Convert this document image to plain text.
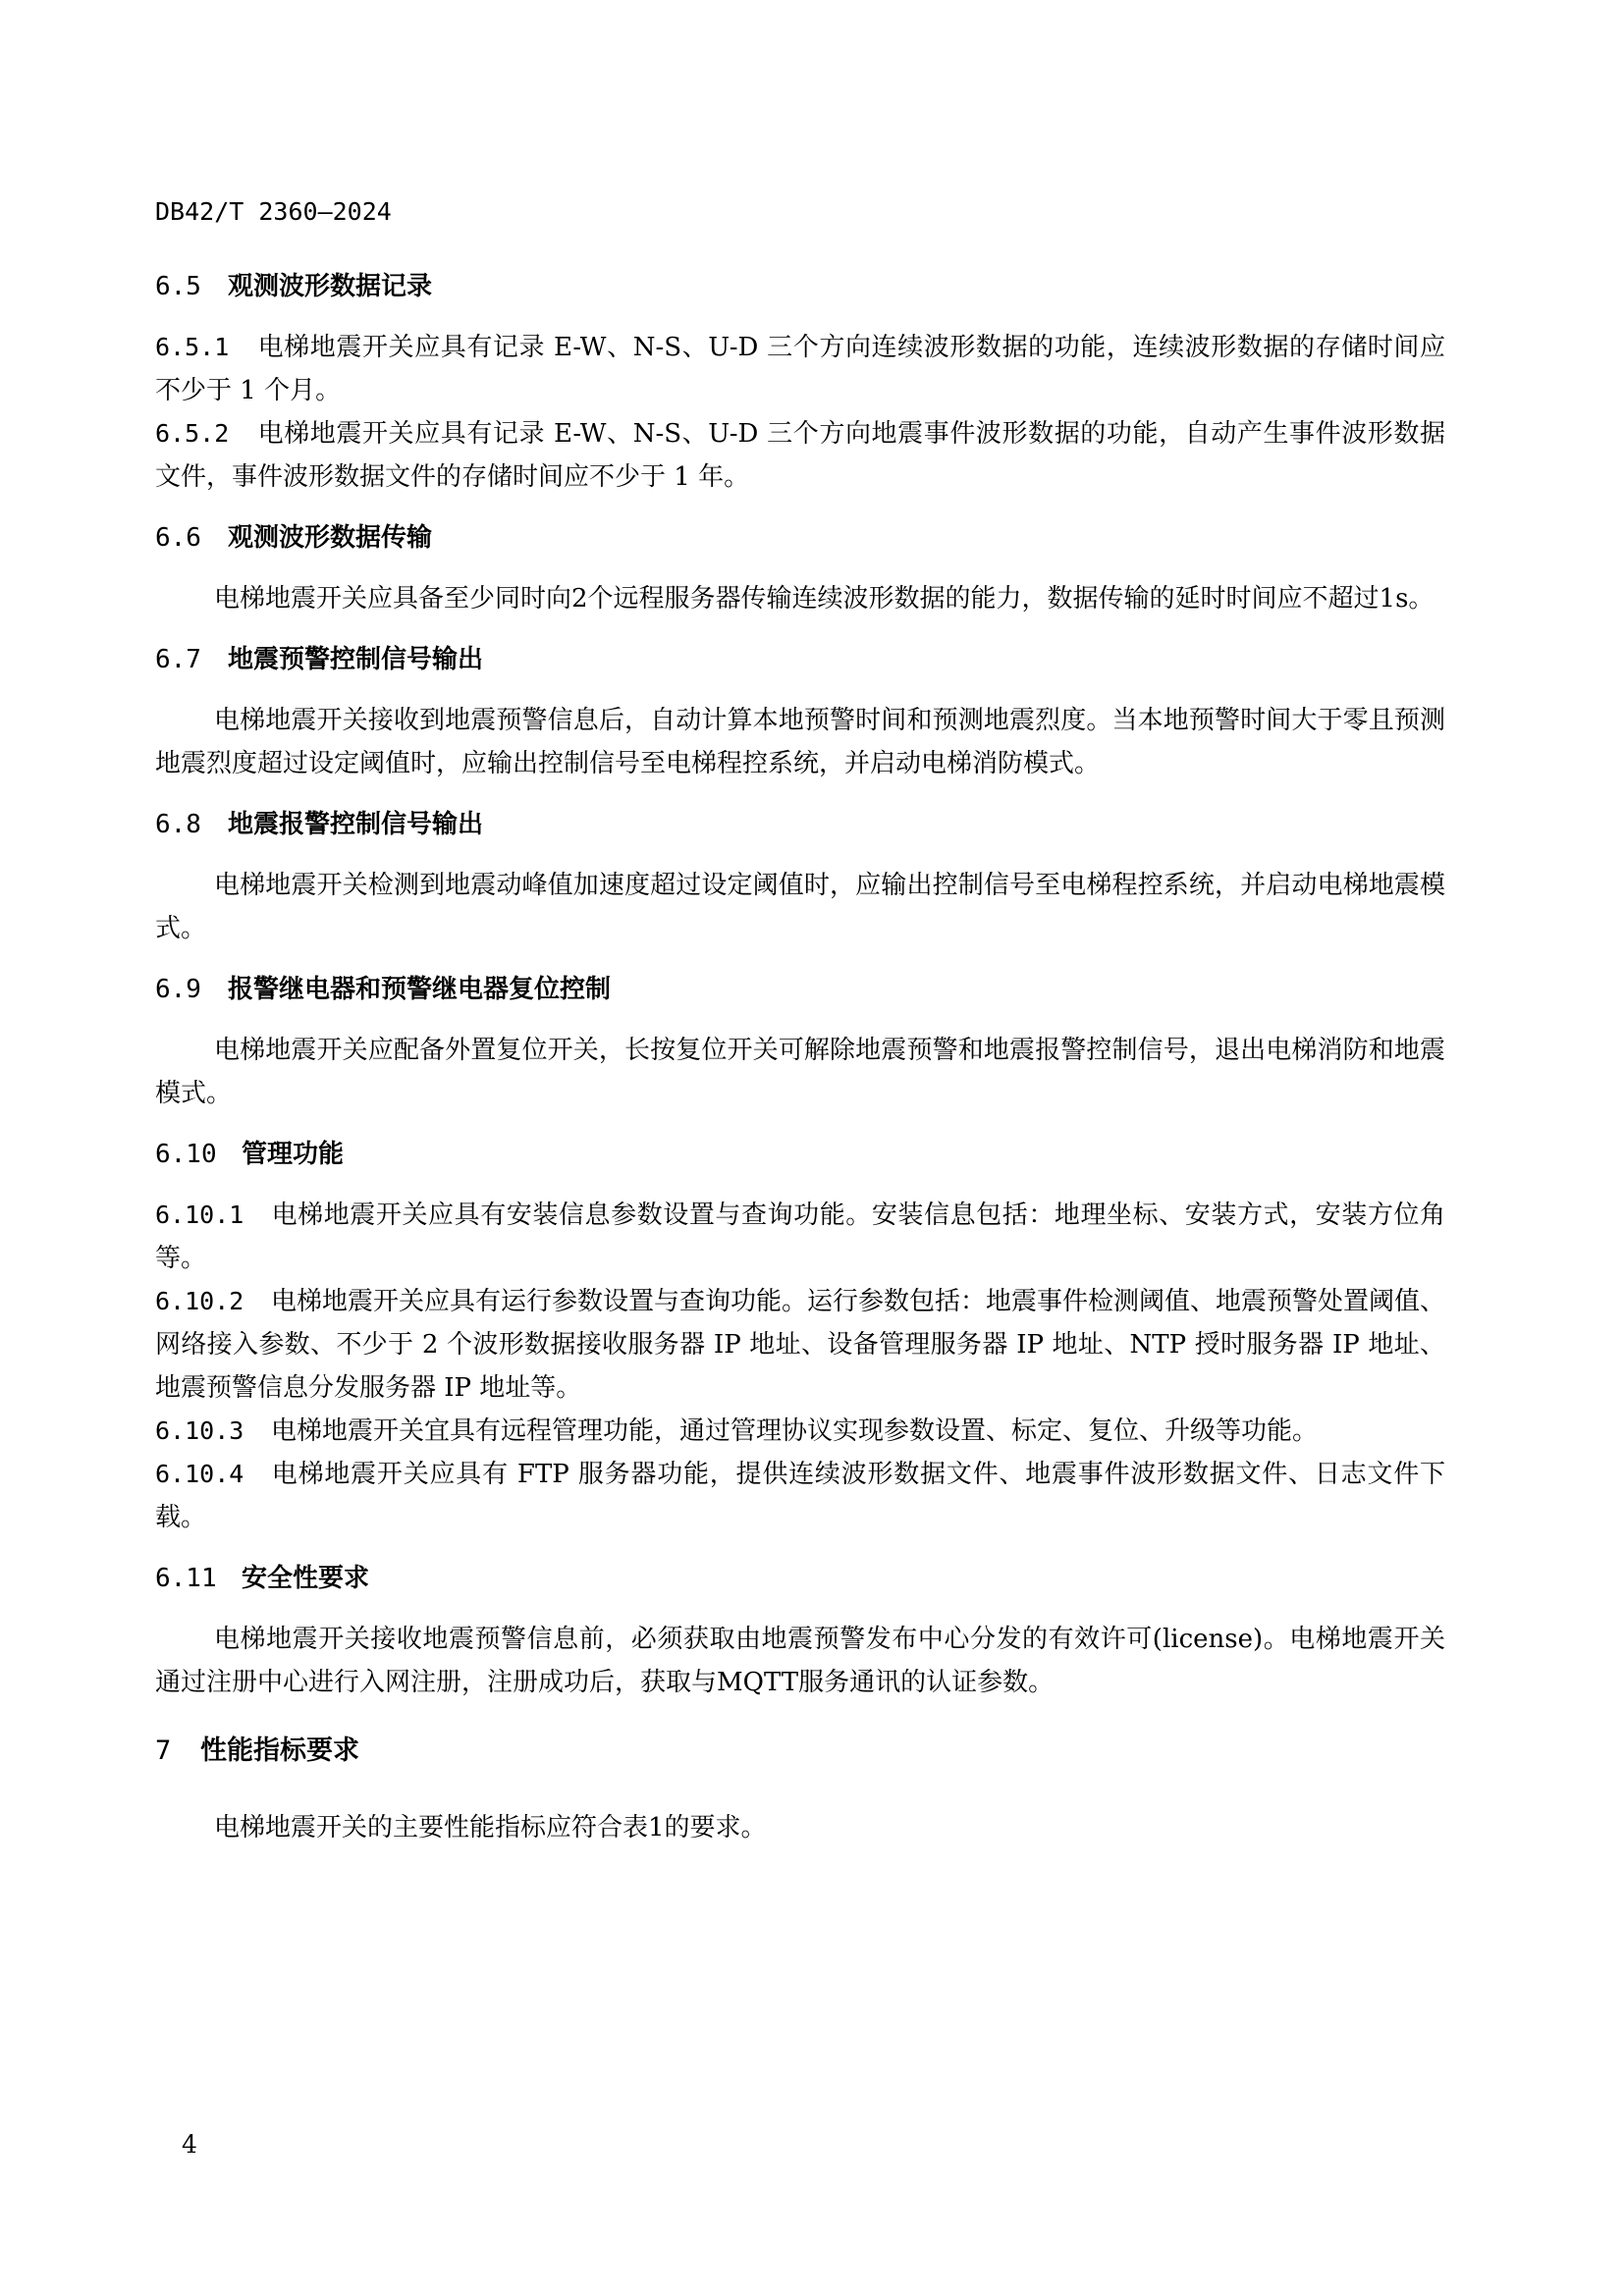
DB42/T 2360—2024
6.5 观测波形数据记录

6.5.1 电梯地震开关应具有记录 E-W、N-S、U-D 三个方向连续波形数据的功能，连续波形数据的存储时间应不少于 1 个月。

6.5.2 电梯地震开关应具有记录 E-W、N-S、U-D 三个方向地震事件波形数据的功能，自动产生事件波形数据文件，事件波形数据文件的存储时间应不少于 1 年。

6.6 观测波形数据传输

电梯地震开关应具备至少同时向2个远程服务器传输连续波形数据的能力，数据传输的延时时间应不超过1s。

6.7 地震预警控制信号输出

电梯地震开关接收到地震预警信息后，自动计算本地预警时间和预测地震烈度。当本地预警时间大于零且预测地震烈度超过设定阈值时，应输出控制信号至电梯程控系统，并启动电梯消防模式。

6.8 地震报警控制信号输出

电梯地震开关检测到地震动峰值加速度超过设定阈值时，应输出控制信号至电梯程控系统，并启动电梯地震模式。

6.9 报警继电器和预警继电器复位控制

电梯地震开关应配备外置复位开关，长按复位开关可解除地震预警和地震报警控制信号，退出电梯消防和地震模式。

6.10 管理功能

6.10.1 电梯地震开关应具有安装信息参数设置与查询功能。安装信息包括：地理坐标、安装方式，安装方位角等。

6.10.2 电梯地震开关应具有运行参数设置与查询功能。运行参数包括：地震事件检测阈值、地震预警处置阈值、网络接入参数、不少于 2 个波形数据接收服务器 IP 地址、设备管理服务器 IP 地址、NTP 授时服务器 IP 地址、地震预警信息分发服务器 IP 地址等。

6.10.3 电梯地震开关宜具有远程管理功能，通过管理协议实现参数设置、标定、复位、升级等功能。

6.10.4 电梯地震开关应具有 FTP 服务器功能，提供连续波形数据文件、地震事件波形数据文件、日志文件下载。

6.11 安全性要求

电梯地震开关接收地震预警信息前，必须获取由地震预警发布中心分发的有效许可(license)。电梯地震开关通过注册中心进行入网注册，注册成功后，获取与MQTT服务通讯的认证参数。

7 性能指标要求

电梯地震开关的主要性能指标应符合表1的要求。

4
